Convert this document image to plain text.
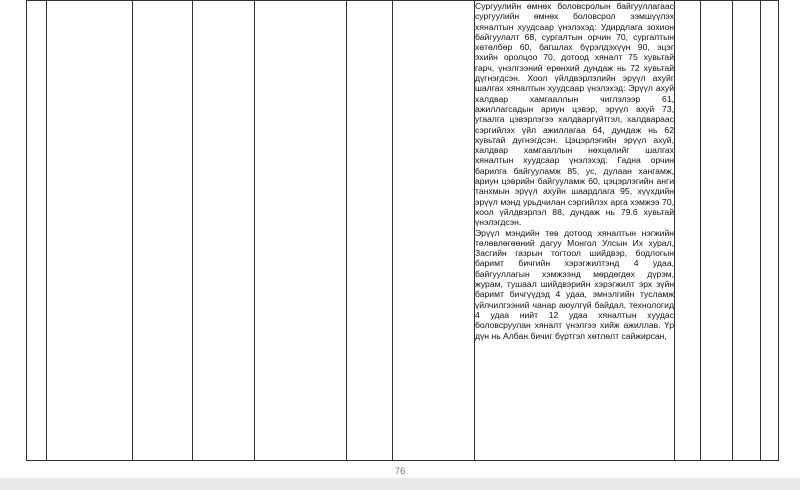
Сургуулийн өмнөх боловсролын байгууллагаас сургуулийн өмнөх боловсрол ээмшүүлэх хяналтын хуудсаар үнэлэхэд: Удирдлага зохион байгуулалт 68, сургалтын орчин 70, сургалтын хөтөлбөр 60, багшлах бүрэлдэхүүн 90, эцэг эхийн оролцоо 70, дотоод хяналт 75 хувьтай гарч, үнэлгээний ерөнхий дундаж нь 72 хувьтай дүгнэгдсэн. Хоол үйлдвэрлэлийн эрүүл ахуйг шалгах хяналтын хуудсаар үнэлэхэд: Эрүүл ахуй халдвар хамгааллын чиглэлээр 61, ажиллагсадын ариун цэвэр, эрүүл ахуй 73, угаалга цэвэрлэгээ халдваргүйтгэл, халдвараас сэргийлэх үйл ажиллагаа 64, дундаж нь 62 хувьтай дүгнэгдсэн. Цэцэрлэгийн эрүүл ахуй, халдвар хамгааллын нөхцөлийг шалгах хяналтын хуудсаар үнэлэхэд: Гадна орчин барилга байгууламж 85, ус, дулаан хангамж, ариун цэврийн байгууламж 60, цэцэрлэгийн анги танхмын эрүүл ахуйн шаардлага 95, хүүхдийн эрүүл мэнд урьдчилан сэргийлэх арга хэмжээ 70, хоол үйлдвэрлэл 88, дундаж нь 79.6 хувьтай үнэлэгдсэн.

Эрүүл мэндийн төв дотоод хяналтын нэгжийн төлөвлөгөөний дагуу Монгол Улсын Их хурал, Засгийн газрын тогтоол шийдвэр, бодлогын баримт бичгийн хэрэгжилтэнд 4 удаа, байгууллагын хэмжээнд мөрдөгдөх дүрэм, журам, тушаал шийдвэрийн хэрэгжилт эрх зүйн баримт бичгүүдэд 4 удаа, эмнэлгийн тусламж үйлчилгээний чанар аюулгүй байдал, технологид 4 удаа нийт 12 удаа хяналтын хуудас боловсруулан хяналт үнэлгээ хийж ажиллав. Үр дүн нь Албан бичиг бүртгэл хөтлөлт сайжирсан,

76
